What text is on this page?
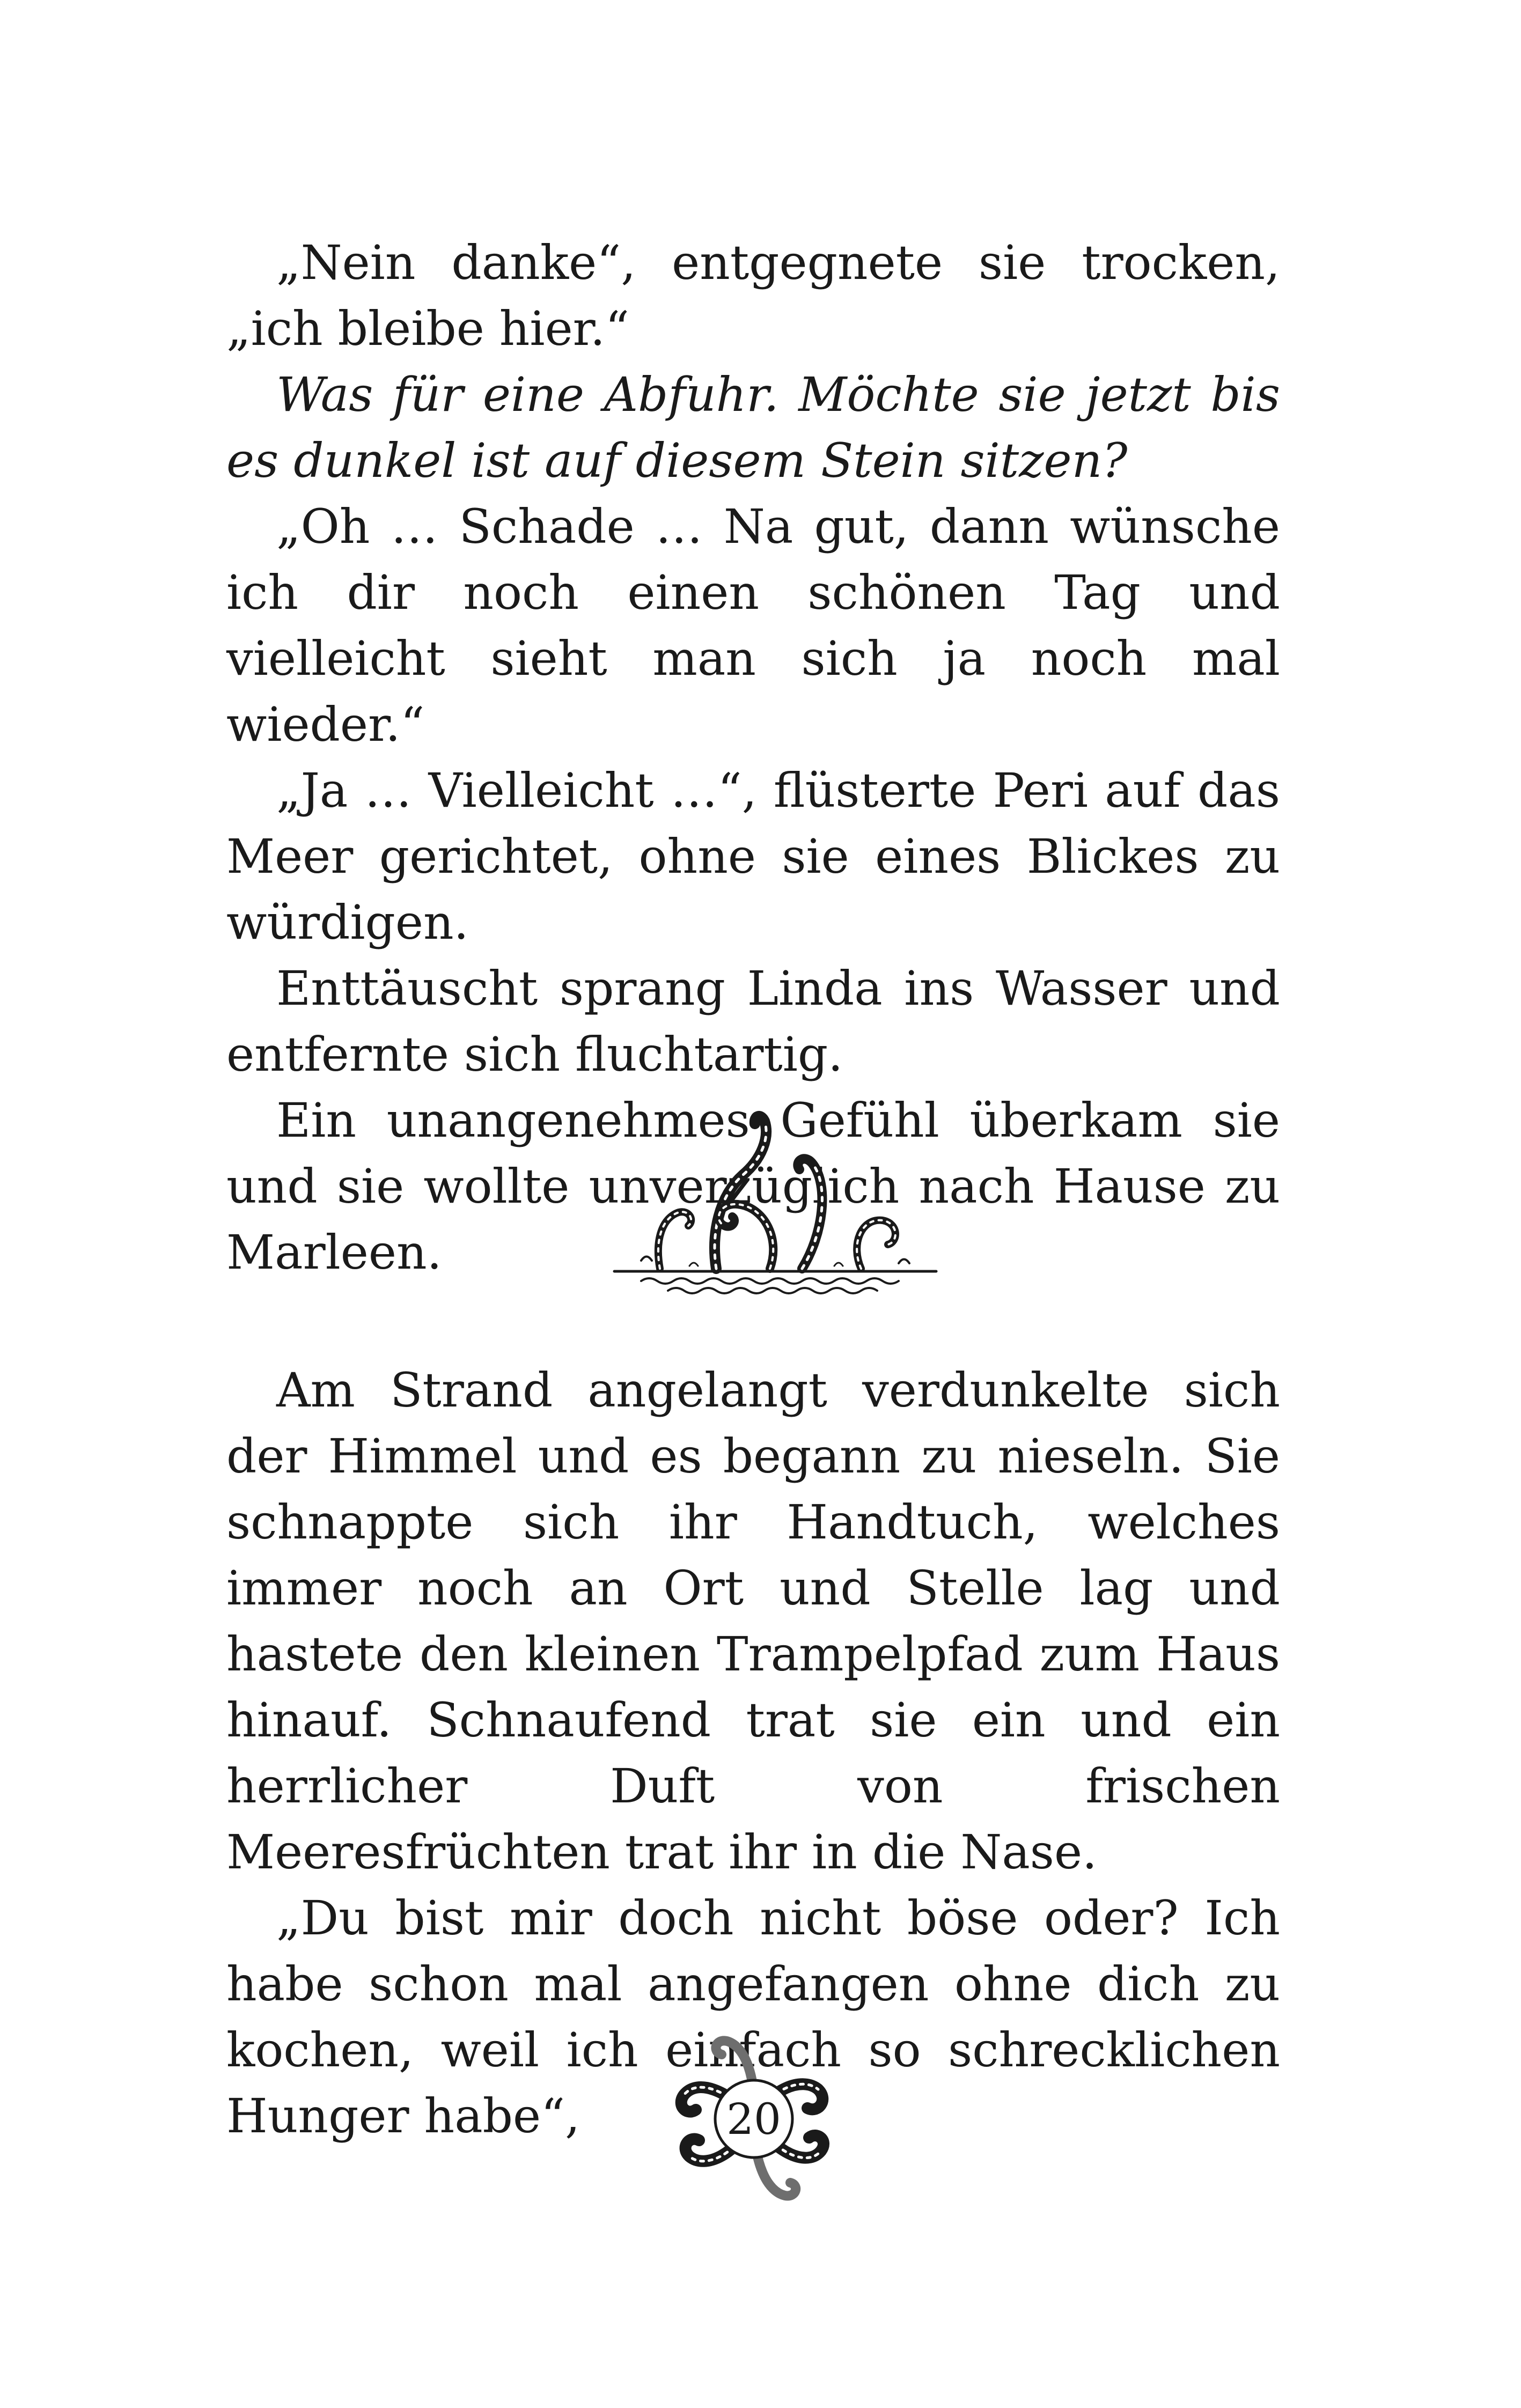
„Nein danke“, entgegnete sie trocken, „ich bleibe hier.“

Was für eine Abfuhr. Möchte sie jetzt bis es dunkel ist auf diesem Stein sitzen?

„Oh … Schade … Na gut, dann wünsche ich dir noch einen schönen Tag und vielleicht sieht man sich ja noch mal wieder.“

„Ja … Vielleicht …“, flüsterte Peri auf das Meer gerichtet, ohne sie eines Blickes zu würdigen.

Enttäuscht sprang Linda ins Wasser und entfernte sich fluchtartig.

Ein unangenehmes Gefühl überkam sie und sie wollte unverzüglich nach Hause zu Marleen.

Am Strand angelangt verdunkelte sich der Himmel und es begann zu nieseln. Sie schnappte sich ihr Handtuch, welches immer noch an Ort und Stelle lag und hastete den kleinen Trampelpfad zum Haus hinauf. Schnaufend trat sie ein und ein herrlicher Duft von frischen Meeresfrüchten trat ihr in die Nase.

„Du bist mir doch nicht böse oder? Ich habe schon mal angefangen ohne dich zu kochen, weil ich einfach so schrecklichen Hunger habe“,	20
